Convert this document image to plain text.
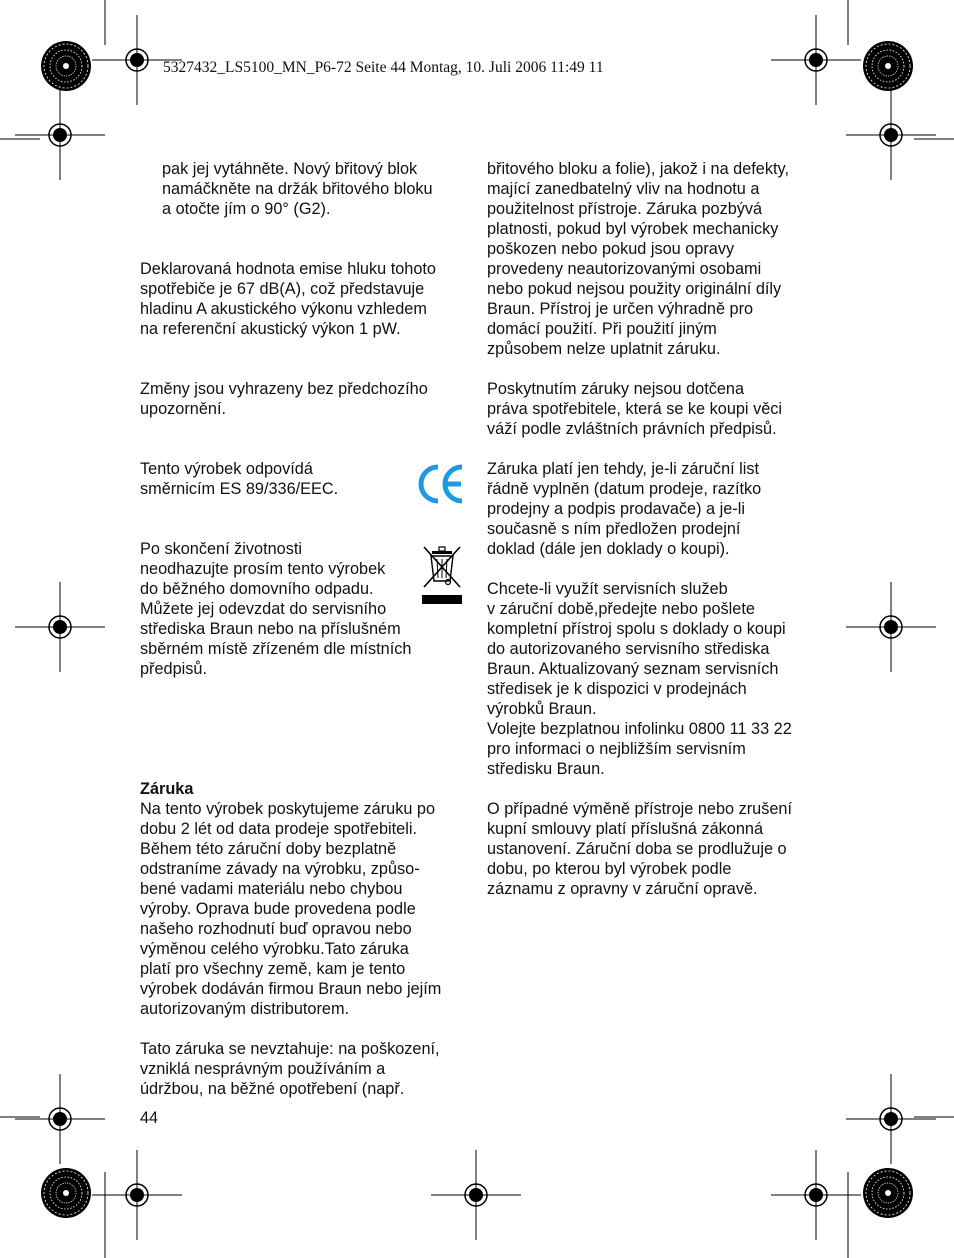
5327432_LS5100_MN_P6-72 Seite 44 Montag, 10. Juli 2006 11:49 11

pak jej vytáhněte. Nový břitový blok

namáčkněte na držák břitového bloku

a otočte jím o 90° (G2).

Deklarovaná hodnota emise hluku tohoto

spotřebiče je 67 dB(A), což představuje

hladinu A akustického výkonu vzhledem

na referenční akustický výkon 1 pW.

Změny jsou vyhrazeny bez předchozího

upozornění.

Tento výrobek odpovídá

směrnicím ES 89/336/EEC.

Po skončení životnosti

neodhazujte prosím tento výrobek

do běžného domovního odpadu.

Můžete jej odevzdat do servisního

střediska Braun nebo na příslušném

sběrném místě zřízeném dle místních

předpisů.

Záruka

Na tento výrobek poskytujeme záruku po

dobu 2 lét od data prodeje spotřebiteli.

Během této záruční doby bezplatně

odstraníme závady na výrobku, způso-

bené vadami materiálu nebo chybou

výroby. Oprava bude provedena podle

našeho rozhodnutí buď opravou nebo

výměnou celého výrobku.Tato záruka

platí pro všechny země, kam je tento

výrobek dodáván firmou Braun nebo jejím

autorizovaným distributorem.

Tato záruka se nevztahuje: na poškození,

vzniklá nesprávným používáním a

údržbou, na běžné opotřebení (např.

břitového bloku a folie), jakož i na defekty,

mající zanedbatelný vliv na hodnotu a

použitelnost přístroje. Záruka pozbývá

platnosti, pokud byl výrobek mechanicky

poškozen nebo pokud jsou opravy

provedeny neautorizovanými osobami

nebo pokud nejsou použity originální díly

Braun. Přístroj je určen výhradně pro

domácí použití. Při použití jiným

způsobem nelze uplatnit záruku.

Poskytnutím záruky nejsou dotčena

práva spotřebitele, která se ke koupi věci

váží podle zvláštních právních předpisů.

Záruka platí jen tehdy, je-li záruční list

řádně vyplněn (datum prodeje, razítko

prodejny a podpis prodavače) a je-li

současně s ním předložen prodejní

doklad (dále jen doklady o koupi).

Chcete-li využít servisních služeb

v záruční době,předejte nebo pošlete

kompletní přístroj spolu s doklady o koupi

do autorizovaného servisního střediska

Braun. Aktualizovaný seznam servisních

středisek je k dispozici v prodejnách

výrobků Braun.

Volejte bezplatnou infolinku 0800 11 33 22

pro informaci o nejbližším servisním

středisku Braun.

O případné výměně přístroje nebo zrušení

kupní smlouvy platí příslušná zákonná

ustanovení. Záruční doba se prodlužuje o

dobu, po kterou byl výrobek podle

záznamu z opravny v záruční opravě.

44
